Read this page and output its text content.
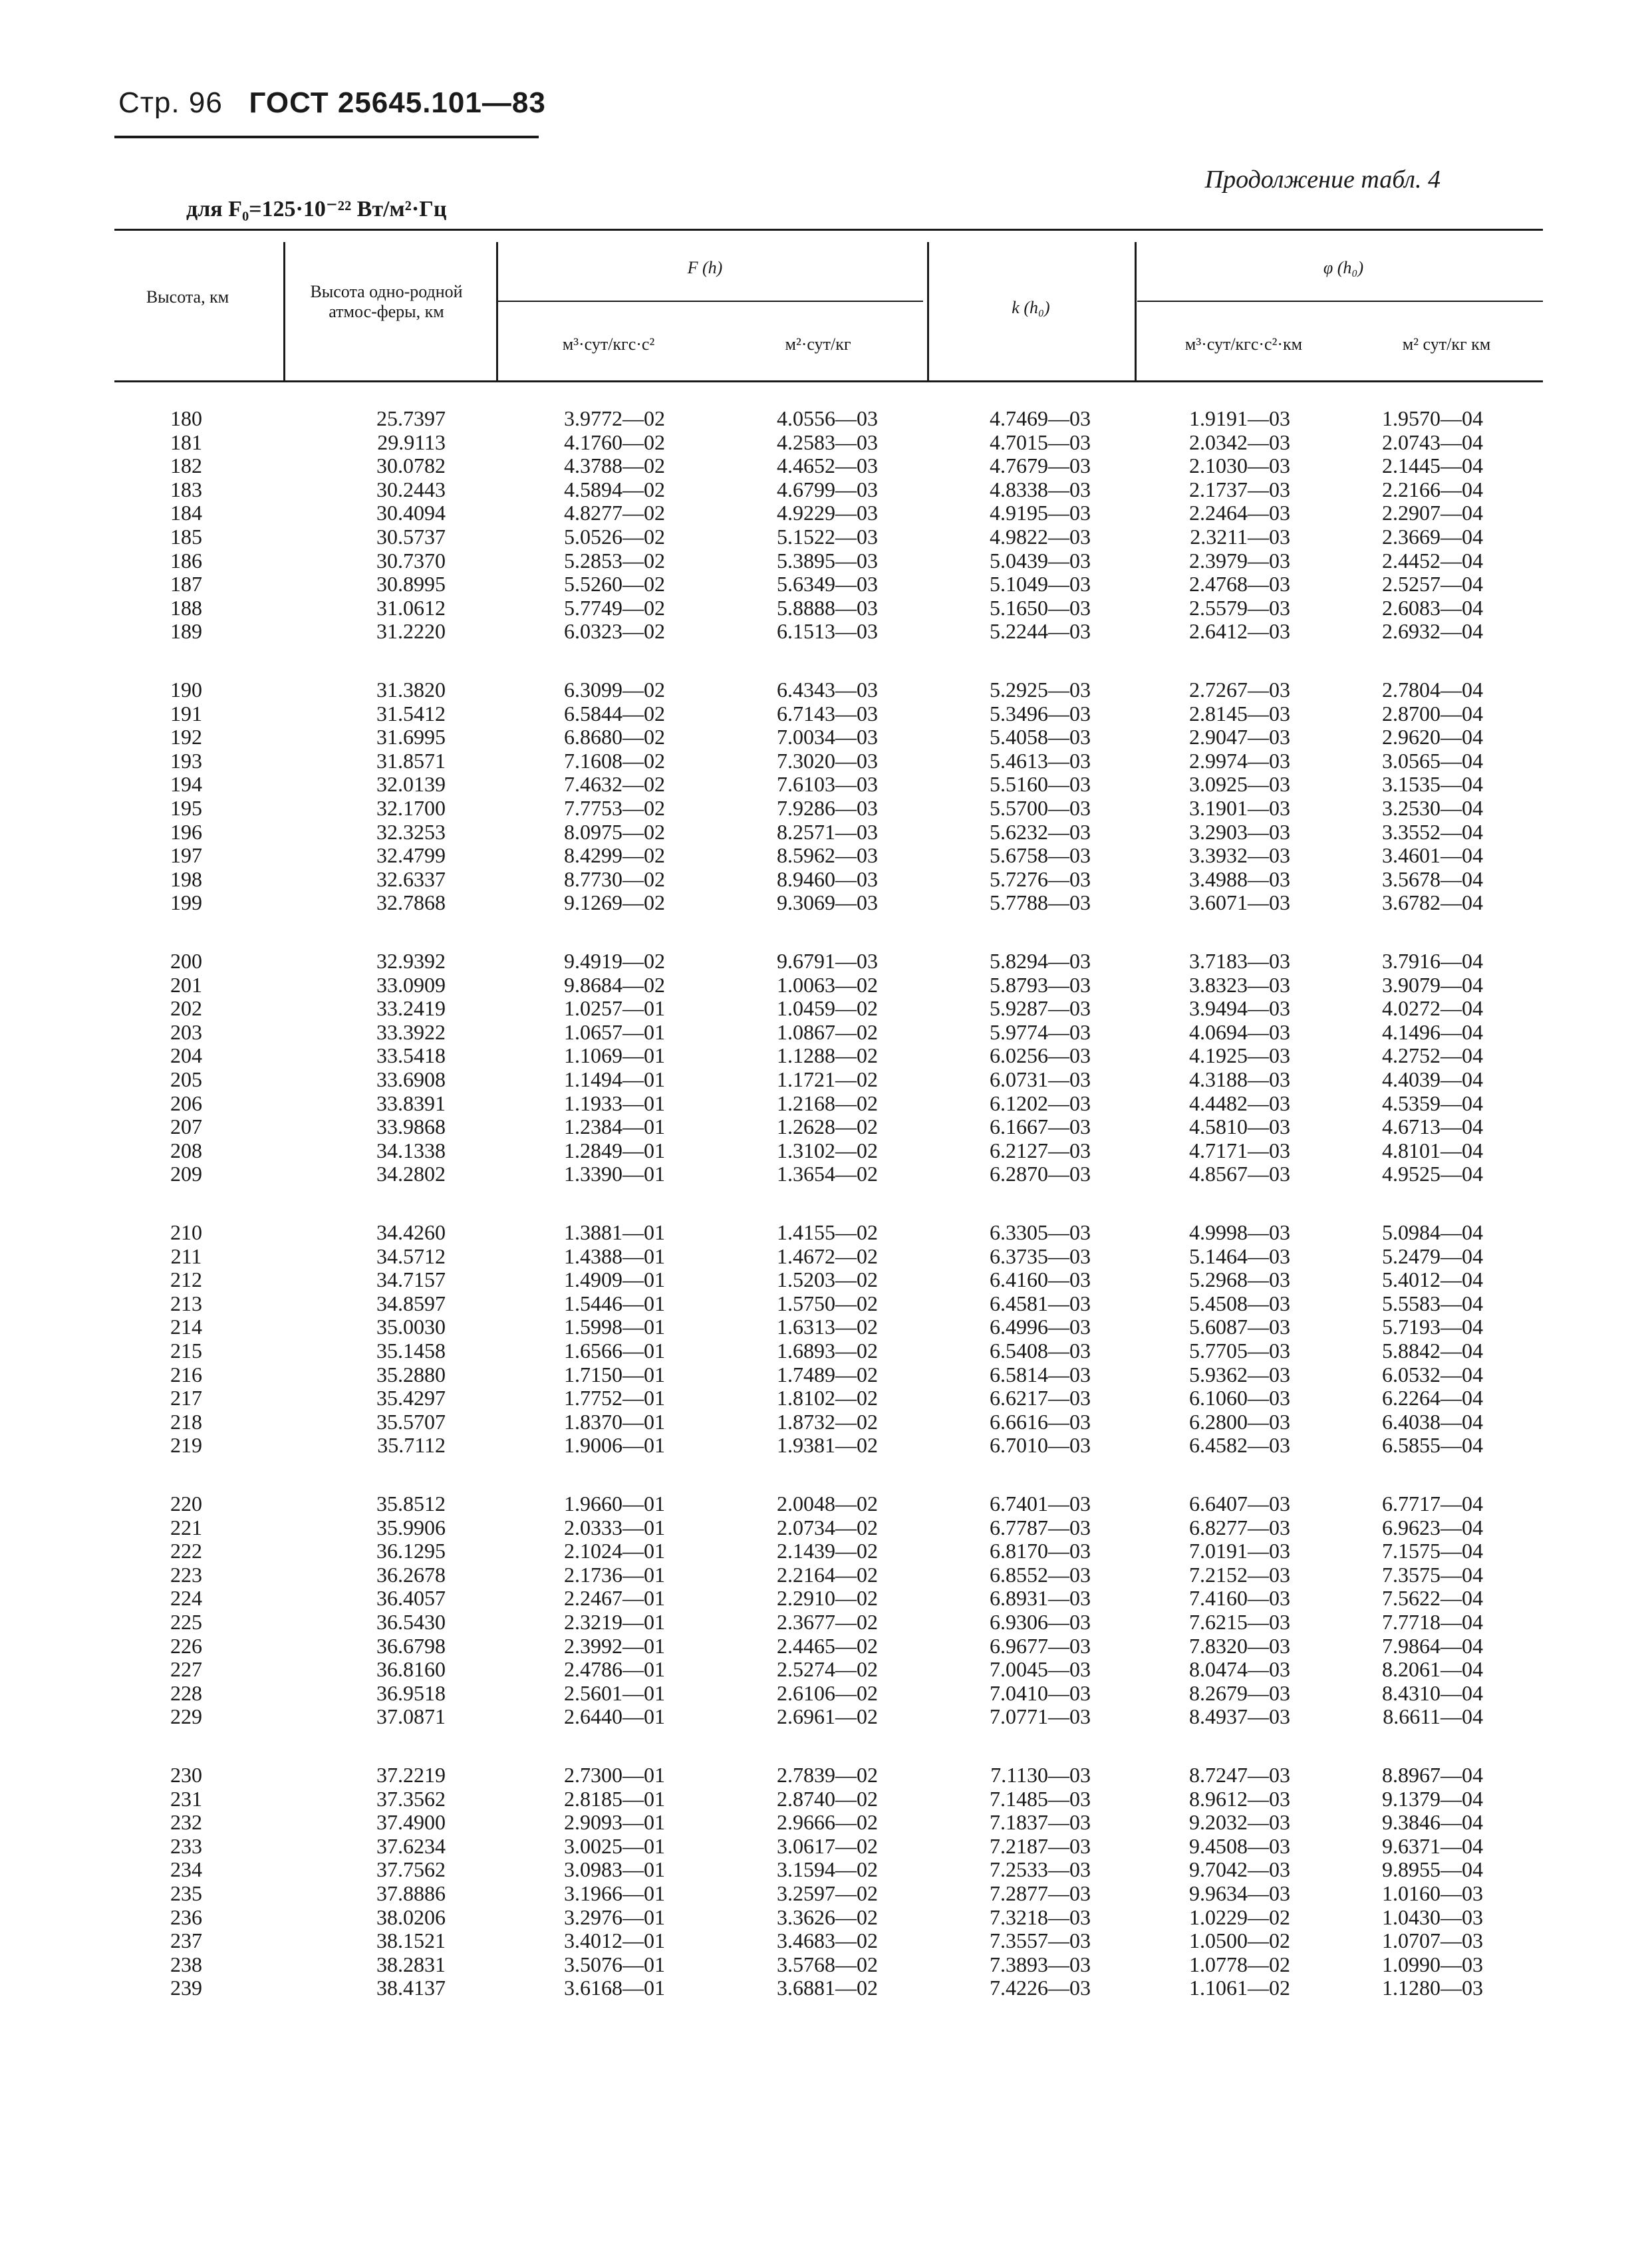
Стр. 96 ГОСТ 25645.101—83
Продолжение табл. 4
для F₀=125·10⁻²² Вт/м²·Гц
Высота, км	Высота одно-родной атмос-феры, км
F (h)
м³·сут/кгс·с²	м²·сут/кг
k (h₀)
φ (h₀)
м³·сут/кгс·с²·км	м² сут/кг км
180	25.7397	3.9772—02	4.0556—03	4.7469—03	1.9191—03	1.9570—04
181	29.9113	4.1760—02	4.2583—03	4.7015—03	2.0342—03	2.0743—04
182	30.0782	4.3788—02	4.4652—03	4.7679—03	2.1030—03	2.1445—04
183	30.2443	4.5894—02	4.6799—03	4.8338—03	2.1737—03	2.2166—04
184	30.4094	4.8277—02	4.9229—03	4.9195—03	2.2464—03	2.2907—04
185	30.5737	5.0526—02	5.1522—03	4.9822—03	2.3211—03	2.3669—04
186	30.7370	5.2853—02	5.3895—03	5.0439—03	2.3979—03	2.4452—04
187	30.8995	5.5260—02	5.6349—03	5.1049—03	2.4768—03	2.5257—04
188	31.0612	5.7749—02	5.8888—03	5.1650—03	2.5579—03	2.6083—04
189	31.2220	6.0323—02	6.1513—03	5.2244—03	2.6412—03	2.6932—04
190	31.3820	6.3099—02	6.4343—03	5.2925—03	2.7267—03	2.7804—04
191	31.5412	6.5844—02	6.7143—03	5.3496—03	2.8145—03	2.8700—04
192	31.6995	6.8680—02	7.0034—03	5.4058—03	2.9047—03	2.9620—04
193	31.8571	7.1608—02	7.3020—03	5.4613—03	2.9974—03	3.0565—04
194	32.0139	7.4632—02	7.6103—03	5.5160—03	3.0925—03	3.1535—04
195	32.1700	7.7753—02	7.9286—03	5.5700—03	3.1901—03	3.2530—04
196	32.3253	8.0975—02	8.2571—03	5.6232—03	3.2903—03	3.3552—04
197	32.4799	8.4299—02	8.5962—03	5.6758—03	3.3932—03	3.4601—04
198	32.6337	8.7730—02	8.9460—03	5.7276—03	3.4988—03	3.5678—04
199	32.7868	9.1269—02	9.3069—03	5.7788—03	3.6071—03	3.6782—04
200	32.9392	9.4919—02	9.6791—03	5.8294—03	3.7183—03	3.7916—04
201	33.0909	9.8684—02	1.0063—02	5.8793—03	3.8323—03	3.9079—04
202	33.2419	1.0257—01	1.0459—02	5.9287—03	3.9494—03	4.0272—04
203	33.3922	1.0657—01	1.0867—02	5.9774—03	4.0694—03	4.1496—04
204	33.5418	1.1069—01	1.1288—02	6.0256—03	4.1925—03	4.2752—04
205	33.6908	1.1494—01	1.1721—02	6.0731—03	4.3188—03	4.4039—04
206	33.8391	1.1933—01	1.2168—02	6.1202—03	4.4482—03	4.5359—04
207	33.9868	1.2384—01	1.2628—02	6.1667—03	4.5810—03	4.6713—04
208	34.1338	1.2849—01	1.3102—02	6.2127—03	4.7171—03	4.8101—04
209	34.2802	1.3390—01	1.3654—02	6.2870—03	4.8567—03	4.9525—04
210	34.4260	1.3881—01	1.4155—02	6.3305—03	4.9998—03	5.0984—04
211	34.5712	1.4388—01	1.4672—02	6.3735—03	5.1464—03	5.2479—04
212	34.7157	1.4909—01	1.5203—02	6.4160—03	5.2968—03	5.4012—04
213	34.8597	1.5446—01	1.5750—02	6.4581—03	5.4508—03	5.5583—04
214	35.0030	1.5998—01	1.6313—02	6.4996—03	5.6087—03	5.7193—04
215	35.1458	1.6566—01	1.6893—02	6.5408—03	5.7705—03	5.8842—04
216	35.2880	1.7150—01	1.7489—02	6.5814—03	5.9362—03	6.0532—04
217	35.4297	1.7752—01	1.8102—02	6.6217—03	6.1060—03	6.2264—04
218	35.5707	1.8370—01	1.8732—02	6.6616—03	6.2800—03	6.4038—04
219	35.7112	1.9006—01	1.9381—02	6.7010—03	6.4582—03	6.5855—04
220	35.8512	1.9660—01	2.0048—02	6.7401—03	6.6407—03	6.7717—04
221	35.9906	2.0333—01	2.0734—02	6.7787—03	6.8277—03	6.9623—04
222	36.1295	2.1024—01	2.1439—02	6.8170—03	7.0191—03	7.1575—04
223	36.2678	2.1736—01	2.2164—02	6.8552—03	7.2152—03	7.3575—04
224	36.4057	2.2467—01	2.2910—02	6.8931—03	7.4160—03	7.5622—04
225	36.5430	2.3219—01	2.3677—02	6.9306—03	7.6215—03	7.7718—04
226	36.6798	2.3992—01	2.4465—02	6.9677—03	7.8320—03	7.9864—04
227	36.8160	2.4786—01	2.5274—02	7.0045—03	8.0474—03	8.2061—04
228	36.9518	2.5601—01	2.6106—02	7.0410—03	8.2679—03	8.4310—04
229	37.0871	2.6440—01	2.6961—02	7.0771—03	8.4937—03	8.6611—04
230	37.2219	2.7300—01	2.7839—02	7.1130—03	8.7247—03	8.8967—04
231	37.3562	2.8185—01	2.8740—02	7.1485—03	8.9612—03	9.1379—04
232	37.4900	2.9093—01	2.9666—02	7.1837—03	9.2032—03	9.3846—04
233	37.6234	3.0025—01	3.0617—02	7.2187—03	9.4508—03	9.6371—04
234	37.7562	3.0983—01	3.1594—02	7.2533—03	9.7042—03	9.8955—04
235	37.8886	3.1966—01	3.2597—02	7.2877—03	9.9634—03	1.0160—03
236	38.0206	3.2976—01	3.3626—02	7.3218—03	1.0229—02	1.0430—03
237	38.1521	3.4012—01	3.4683—02	7.3557—03	1.0500—02	1.0707—03
238	38.2831	3.5076—01	3.5768—02	7.3893—03	1.0778—02	1.0990—03
239	38.4137	3.6168—01	3.6881—02	7.4226—03	1.1061—02	1.1280—03
